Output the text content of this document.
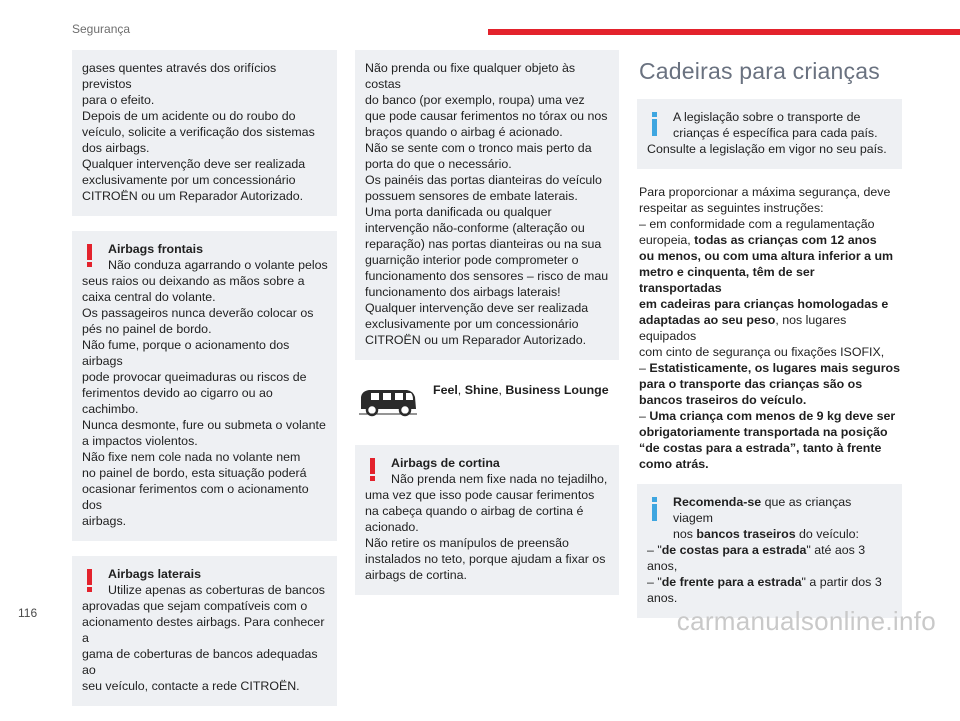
Segurança
gases quentes através dos orifícios previstos
para o efeito.
Depois de um acidente ou do roubo do
veículo, solicite a verificação dos sistemas
dos airbags.
Qualquer intervenção deve ser realizada
exclusivamente por um concessionário
CITROËN ou um Reparador Autorizado.
Airbags frontais
Não conduza agarrando o volante pelos
seus raios ou deixando as mãos sobre a
caixa central do volante.
Os passageiros nunca deverão colocar os
pés no painel de bordo.
Não fume, porque o acionamento dos airbags
pode provocar queimaduras ou riscos de
ferimentos devido ao cigarro ou ao cachimbo.
Nunca desmonte, fure ou submeta o volante
a impactos violentos.
Não fixe nem cole nada no volante nem
no painel de bordo, esta situação poderá
ocasionar ferimentos com o acionamento dos
airbags.
Airbags laterais
Utilize apenas as coberturas de bancos
aprovadas que sejam compatíveis com o
acionamento destes airbags. Para conhecer a
gama de coberturas de bancos adequadas ao
seu veículo, contacte a rede CITROËN.
Não prenda ou fixe qualquer objeto às costas
do banco (por exemplo, roupa) uma vez
que pode causar ferimentos no tórax ou nos
braços quando o airbag é acionado.
Não se sente com o tronco mais perto da
porta do que o necessário.
Os painéis das portas dianteiras do veículo
possuem sensores de embate laterais.
Uma porta danificada ou qualquer
intervenção não-conforme (alteração ou
reparação) nas portas dianteiras ou na sua
guarnição interior pode comprometer o
funcionamento dos sensores – risco de mau
funcionamento dos airbags laterais!
Qualquer intervenção deve ser realizada
exclusivamente por um concessionário
CITROËN ou um Reparador Autorizado.
Feel, Shine, Business Lounge
Airbags de cortina
Não prenda nem fixe nada no tejadilho,
uma vez que isso pode causar ferimentos
na cabeça quando o airbag de cortina é
acionado.
Não retire os manípulos de preensão
instalados no teto, porque ajudam a fixar os
airbags de cortina.
Cadeiras para crianças
A legislação sobre o transporte de
crianças é específica para cada país.
Consulte a legislação em vigor no seu país.
Para proporcionar a máxima segurança, deve
respeitar as seguintes instruções:
– em conformidade com a regulamentação
europeia, todas as crianças com 12 anos
ou menos, ou com uma altura inferior a um
metro e cinquenta, têm de ser transportadas
em cadeiras para crianças homologadas e
adaptadas ao seu peso, nos lugares equipados
com cinto de segurança ou fixações ISOFIX,
– Estatisticamente, os lugares mais seguros
para o transporte das crianças são os
bancos traseiros do veículo.
– Uma criança com menos de 9 kg deve ser
obrigatoriamente transportada na posição
“de costas para a estrada”, tanto à frente
como atrás.
Recomenda-se que as crianças viagem
nos bancos traseiros do veículo:
– "de costas para a estrada" até aos 3
anos,
– "de frente para a estrada" a partir dos 3
anos.
116	carmanualsonline.info
